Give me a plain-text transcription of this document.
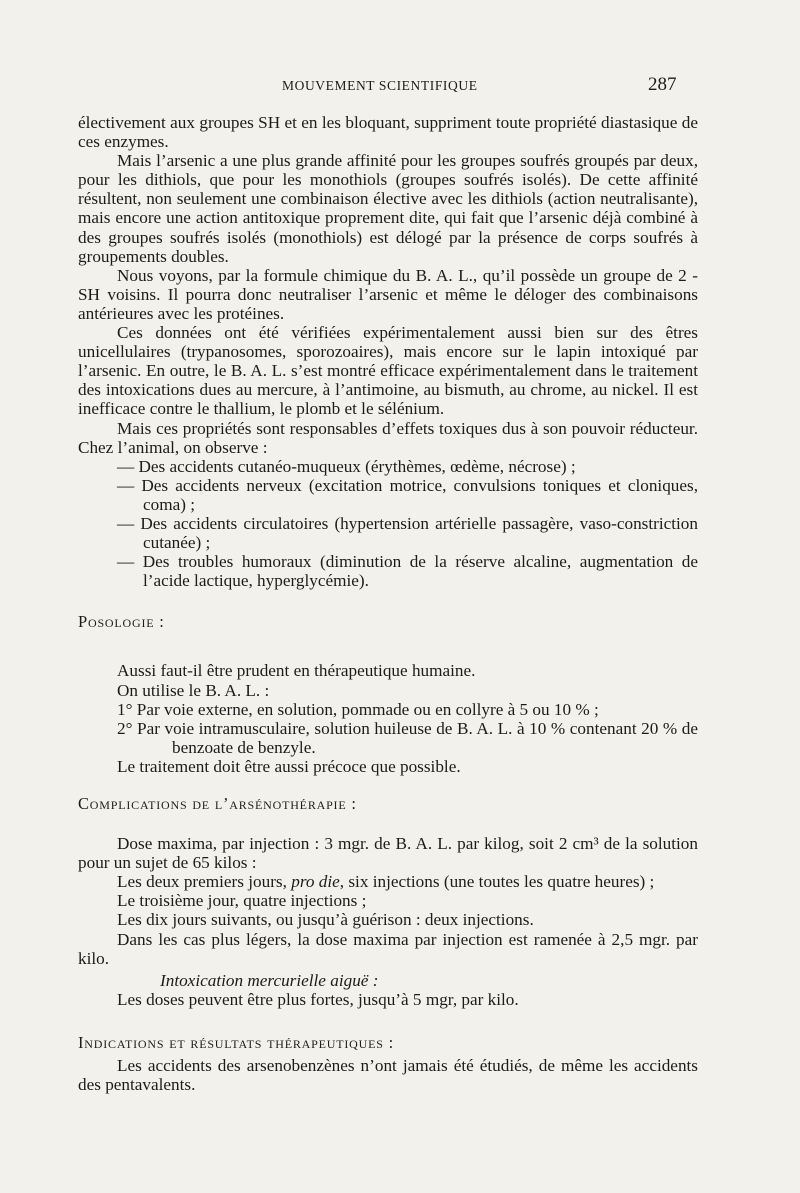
MOUVEMENT SCIENTIFIQUE	287

électivement aux groupes SH et en les bloquant, suppriment toute propriété diastasique de ces enzymes.

Mais l’arsenic a une plus grande affinité pour les groupes soufrés groupés par deux, pour les dithiols, que pour les monothiols (groupes soufrés isolés). De cette affinité résultent, non seulement une combinaison élective avec les dithiols (action neutralisante), mais encore une action antitoxique proprement dite, qui fait que l’arsenic déjà combiné à des groupes soufrés isolés (monothiols) est délogé par la présence de corps soufrés à groupements doubles.

Nous voyons, par la formule chimique du B. A. L., qu’il possède un groupe de 2 - SH voisins. Il pourra donc neutraliser l’arsenic et même le déloger des combinaisons antérieures avec les protéines.

Ces données ont été vérifiées expérimentalement aussi bien sur des êtres unicellulaires (trypanosomes, sporozoaires), mais encore sur le lapin intoxiqué par l’arsenic. En outre, le B. A. L. s’est montré efficace expérimentalement dans le traitement des intoxications dues au mercure, à l’antimoine, au bismuth, au chrome, au nickel. Il est inefficace contre le thallium, le plomb et le sélénium.

Mais ces propriétés sont responsables d’effets toxiques dus à son pouvoir réducteur. Chez l’animal, on observe :

— Des accidents cutanéo-muqueux (érythèmes, œdème, nécrose) ;

— Des accidents nerveux (excitation motrice, convulsions toniques et cloniques, coma) ;

— Des accidents circulatoires (hypertension artérielle passagère, vaso-constriction cutanée) ;

— Des troubles humoraux (diminution de la réserve alcaline, augmentation de l’acide lactique, hyperglycémie).

Posologie :

Aussi faut-il être prudent en thérapeutique humaine.

On utilise le B. A. L. :

1° Par voie externe, en solution, pommade ou en collyre à 5 ou 10 % ;

2° Par voie intramusculaire, solution huileuse de B. A. L. à 10 % contenant 20 % de benzoate de benzyle.

Le traitement doit être aussi précoce que possible.

Complications de l’arsénothérapie :

Dose maxima, par injection : 3 mgr. de B. A. L. par kilog, soit 2 cm³ de la solution pour un sujet de 65 kilos :

Les deux premiers jours, pro die, six injections (une toutes les quatre heures) ;

Le troisième jour, quatre injections ;

Les dix jours suivants, ou jusqu’à guérison : deux injections.

Dans les cas plus légers, la dose maxima par injection est ramenée à 2,5 mgr. par kilo.

Intoxication mercurielle aiguë :

Les doses peuvent être plus fortes, jusqu’à 5 mgr, par kilo.

Indications et résultats thérapeutiques :

Les accidents des arsenobenzènes n’ont jamais été étudiés, de même les accidents des pentavalents.
